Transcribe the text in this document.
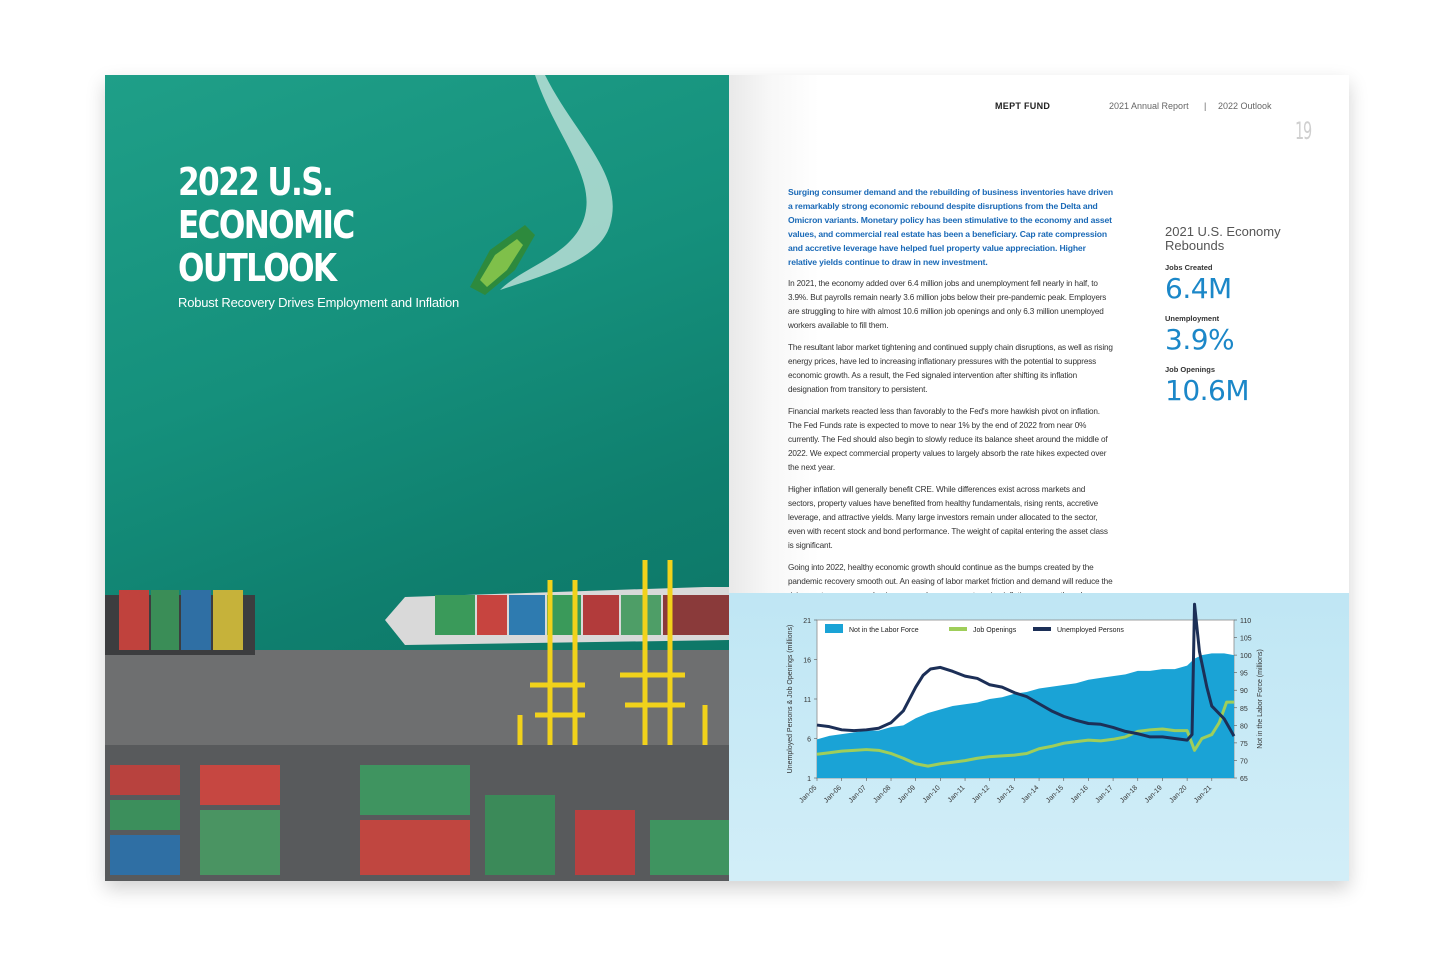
2022 U.S.
ECONOMIC
OUTLOOK

Robust Recovery Drives Employment and Inflation

MEPT FUND	2021 Annual Report | 2022 Outlook
19

Surging consumer demand and the rebuilding of business inventories have driven a remarkably strong economic rebound despite disruptions from the Delta and Omicron variants. Monetary policy has been stimulative to the economy and asset values, and commercial real estate has been a beneficiary. Cap rate compression and accretive leverage have helped fuel property value appreciation. Higher relative yields continue to draw in new investment.

In 2021, the economy added over 6.4 million jobs and unemployment fell nearly in half, to 3.9%. But payrolls remain nearly 3.6 million jobs below their pre-pandemic peak. Employers are struggling to hire with almost 10.6 million job openings and only 6.3 million unemployed workers available to fill them.

The resultant labor market tightening and continued supply chain disruptions, as well as rising energy prices, have led to increasing inflationary pressures with the potential to suppress economic growth. As a result, the Fed signaled intervention after shifting its inflation designation from transitory to persistent.

Financial markets reacted less than favorably to the Fed's more hawkish pivot on inflation. The Fed Funds rate is expected to move to near 1% by the end of 2022 from near 0% currently. The Fed should also begin to slowly reduce its balance sheet around the middle of 2022. We expect commercial property values to largely absorb the rate hikes expected over the next year.

Higher inflation will generally benefit CRE. While differences exist across markets and sectors, property values have benefited from healthy fundamentals, rising rents, accretive leverage, and attractive yields. Many large investors remain under allocated to the sector, even with recent stock and bond performance. The weight of capital entering the asset class is significant.

Going into 2022, healthy economic growth should continue as the bumps created by the pandemic recovery smooth out. An easing of labor market friction and demand will reduce the

2021 U.S. Economy Rebounds

Jobs Created

6.4M

Unemployment

3.9%

Job Openings

10.6M

1
6
11
16
21
65
70
75
80
85
90
95
100
105
110
Jan-05 Jan-06 Jan-07 Jan-08 Jan-09 Jan-10 Jan-11 Jan-12 Jan-13 Jan-14 Jan-15 Jan-16 Jan-17 Jan-18 Jan-19 Jan-20 Jan-21
Unemployed Persons & Job Openings (millions)	Not in the Labor Force (millions)
Not in the Labor Force	Job Openings	Unemployed Persons
